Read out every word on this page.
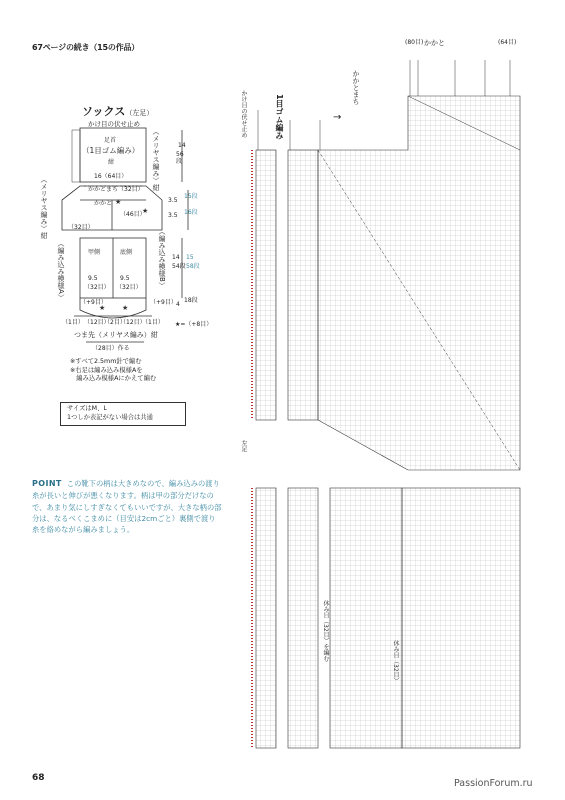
67ページの続き（15の作品）
ソックス（左足）
かけ目の伏せ止め
★
★
★ ★
足首
（1目ゴム編み）
紺
14
56段
16（64目）
かかとまち （32目）
かかと
（46目）
（32目）
3.5
15段
3.5 16段
（メリヤス編み）紺
（メリヤス編み）紺
（編み込み模様A）	（編み込み模様B）
甲側	底側
9.5
（32目）
9.5
（32目）
14
54段
15
58段
（+9目）	（+9目） 4
18段
（1目） （12目）
（2目）
（12目）
（1目） ★=（+8目）
つま先（メリヤス編み）紺
（28目）作る
※すべて2.5mm針で編む
※右足は編み込み模様Aを
　編み込み模様Aにかえて編む
サイズはM、L
1つしか表記がない場合は共通
POINT この靴下の柄は大きめなので、編み込みの渡り糸が長いと伸びが悪くなります。柄は甲の部分だけなので、あまり気にしすぎなくてもいいですが、大きな柄の部分は、なるべくこまめに（目安は2cmごと）裏側で渡り糸を絡めながら編みましょう。
かけ目の伏せ止め	1目ゴム編み
かかとまち
かかと
(80目)	(64目)
→
左足
休み目（32目）を編む
68	PassionForum.ru
